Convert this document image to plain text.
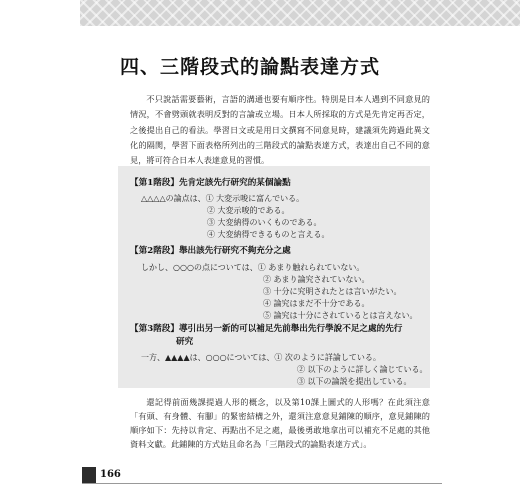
四、三階段式的論點表達方式

不只說話需要藝術，言語的溝通也要有順序性。特別是日本人遇到不同意見的情況，不會劈頭就表明反對的言論或立場。日本人所採取的方式是先肯定再否定，之後提出自己的看法。學習日文或是用日文撰寫不同意見時，建議須先跨過此異文化的隔閡，學習下面表格所列出的三階段式的論點表達方式，表達出自己不同的意見，將可符合日本人表達意見的習慣。

【第1階段】先肯定該先行研究的某個論點
△△△△の論点は、① 大変示唆に富んでいる。
② 大変示唆的である。
③ 大変納得のいくものである。
④ 大変納得できるものと言える。
【第2階段】舉出該先行研究不夠充分之處
しかし、○○○の点については、① あまり触れられていない。
② あまり論究されていない。
③ 十分に究明されたとは言いがたい。
④ 論究はまだ不十分である。
⑤ 論究は十分にされているとは言えない。
【第3階段】導引出另一新的可以補足先前舉出先行學說不足之處的先行
研究
一方、▲▲▲▲は、○○○については、① 次のように詳論している。
② 以下のように詳しく論じている。
③ 以下の論説を提出している。

還記得前面幾課提過人形的概念，以及第10課上圖式的人形嗎？在此須注意「有頭、有身體、有腳」的緊密結構之外，還須注意意見鋪陳的順序，意見鋪陳的順序如下：先持以肯定、再點出不足之處，最後勇敢地拿出可以補充不足處的其他資料文獻。此鋪陳的方式姑且命名為「三階段式的論點表達方式」。

166
